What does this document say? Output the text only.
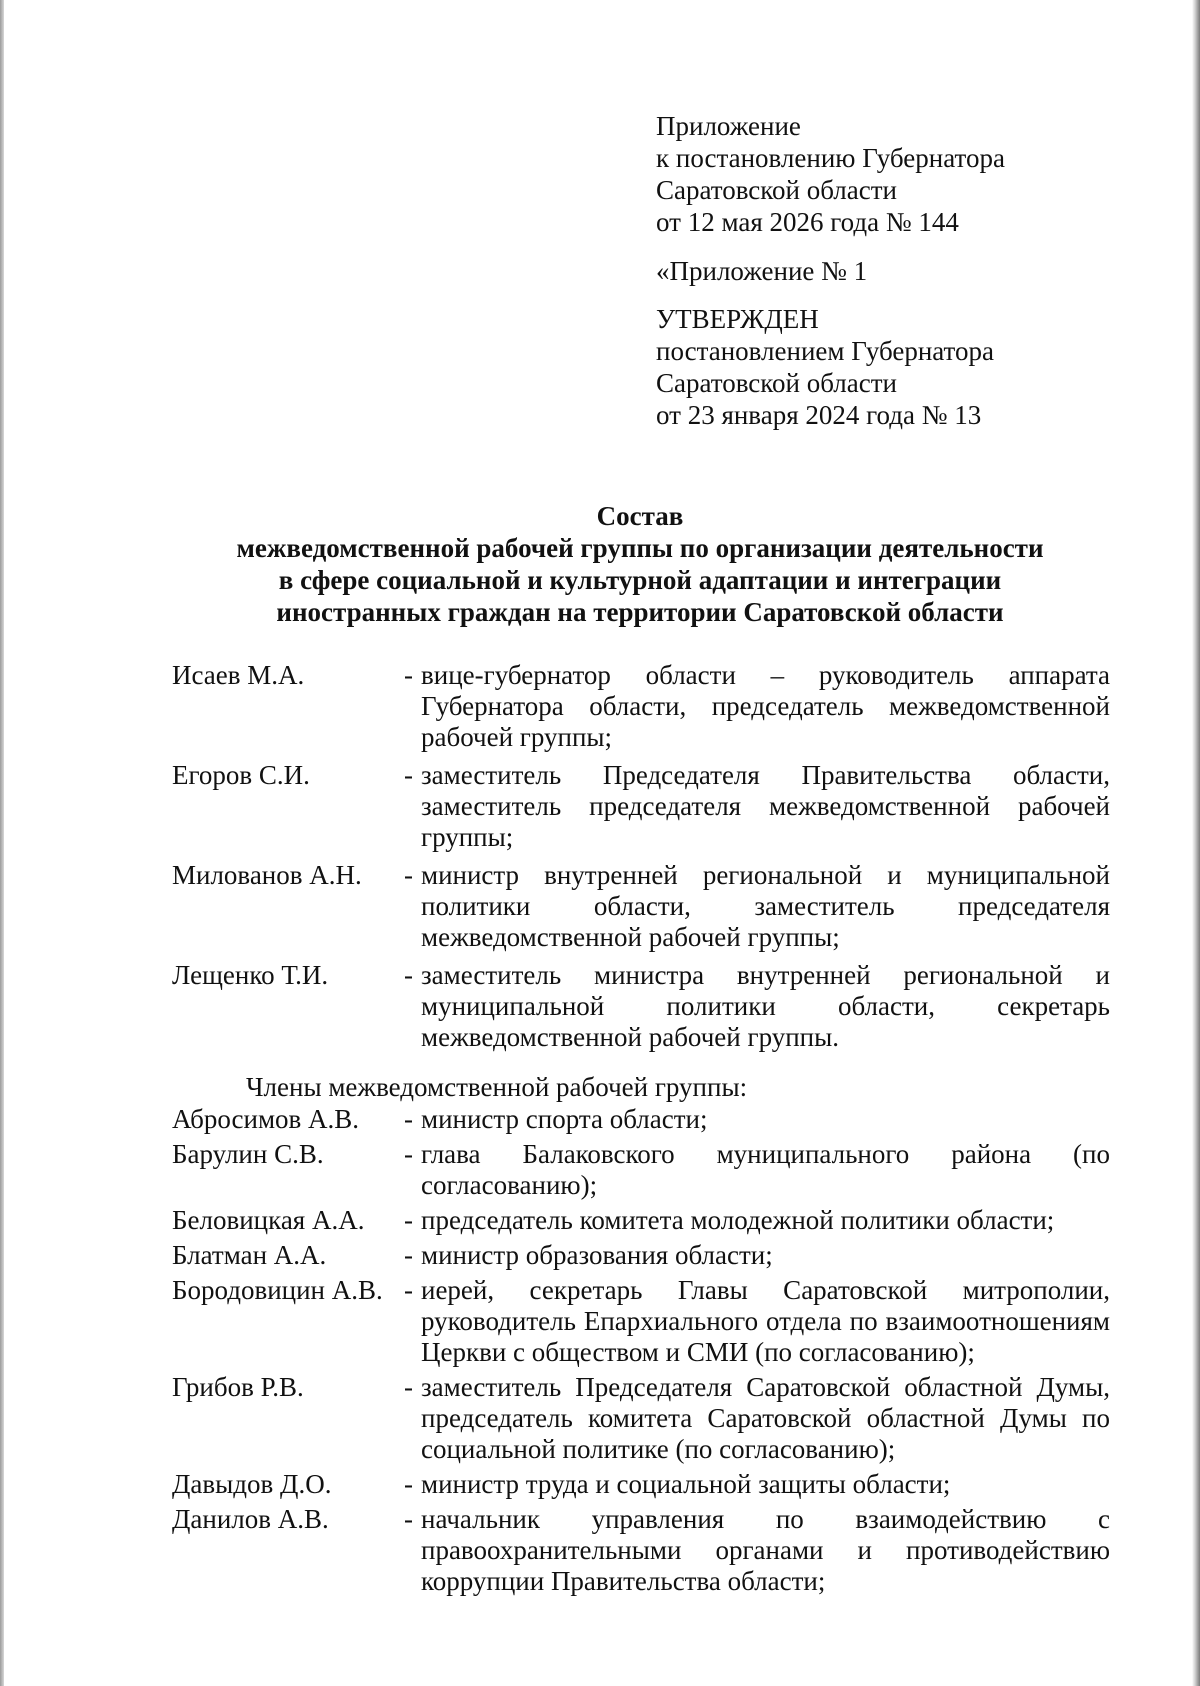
Приложение
к постановлению Губернатора
Саратовской области
от 12 мая 2026 года № 144
«Приложение № 1
УТВЕРЖДЕН
постановлением Губернатора
Саратовской области
от 23 января 2024 года № 13
Состав
межведомственной рабочей группы по организации деятельности
в сфере социальной и культурной адаптации и интеграции
иностранных граждан на территории Саратовской области
Исаев М.А.	- вице-губернатор области – руководитель аппарата Губернатора области, председатель межведомственной рабочей группы;
Егоров С.И.	- заместитель Председателя Правительства области, заместитель председателя межведомственной рабочей группы;
Милованов А.Н.	- министр внутренней региональной и муниципальной политики области, заместитель председателя межведомственной рабочей группы;
Лещенко Т.И.	- заместитель министра внутренней региональной и муниципальной политики области, секретарь межведомственной рабочей группы.
Члены межведомственной рабочей группы:
Абросимов А.В.	- министр спорта области;
Барулин С.В.	- глава Балаковского муниципального района (по согласованию);
Беловицкая А.А.	- председатель комитета молодежной политики области;
Блатман А.А.	- министр образования области;
Бородовицин А.В. - иерей, секретарь Главы Саратовской митрополии, руководитель Епархиального отдела по взаимоотношениям Церкви с обществом и СМИ (по согласованию);
Грибов Р.В.	- заместитель Председателя Саратовской областной Думы, председатель комитета Саратовской областной Думы по социальной политике (по согласованию);
Давыдов Д.О.	- министр труда и социальной защиты области;
Данилов А.В.	- начальник управления по взаимодействию с правоохранительными органами и противодействию коррупции Правительства области;
